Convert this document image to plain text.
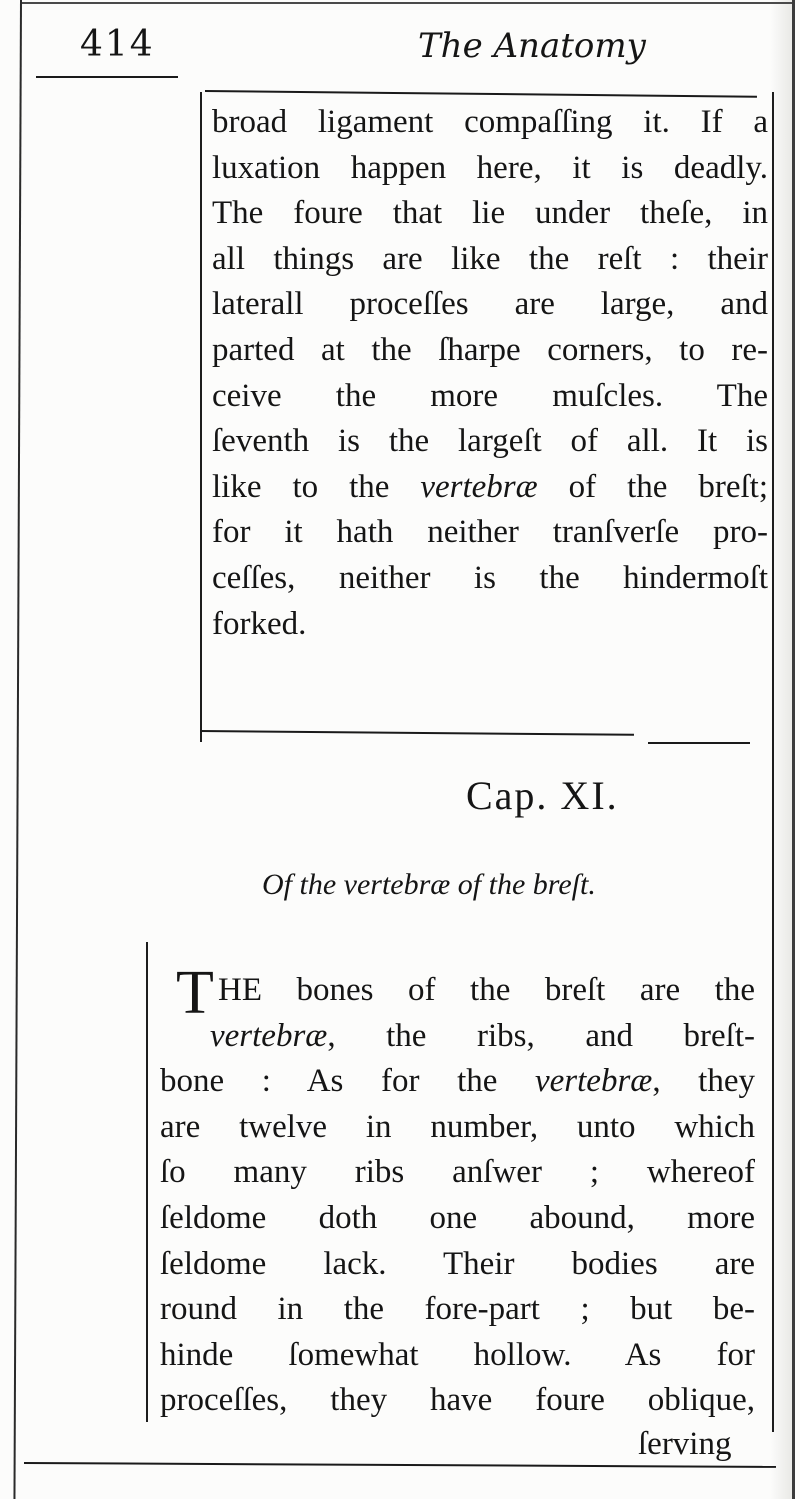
414	The Anatomy
broad ligament compaſſing it. If a
luxation happen here, it is deadly.
The foure that lie under theſe, in
all things are like the reſt : their
laterall proceſſes are large, and
parted at the ſharpe corners, to re-
ceive the more muſcles. The
ſeventh is the largeſt of all. It is
like to the vertebræ of the breſt;
for it hath neither tranſverſe pro-
ceſſes, neither is the hindermoſt
forked.
Cap. XI.
Of the vertebræ of the breſt.
T HE bones of the breſt are the
vertebræ, the ribs, and breſt-
bone : As for the vertebræ, they
are twelve in number, unto which
ſo many ribs anſwer ; whereof
ſeldome doth one abound, more
ſeldome lack. Their bodies are
round in the fore-part ; but be-
hinde ſomewhat hollow. As for
proceſſes, they have foure oblique,
ſerving
